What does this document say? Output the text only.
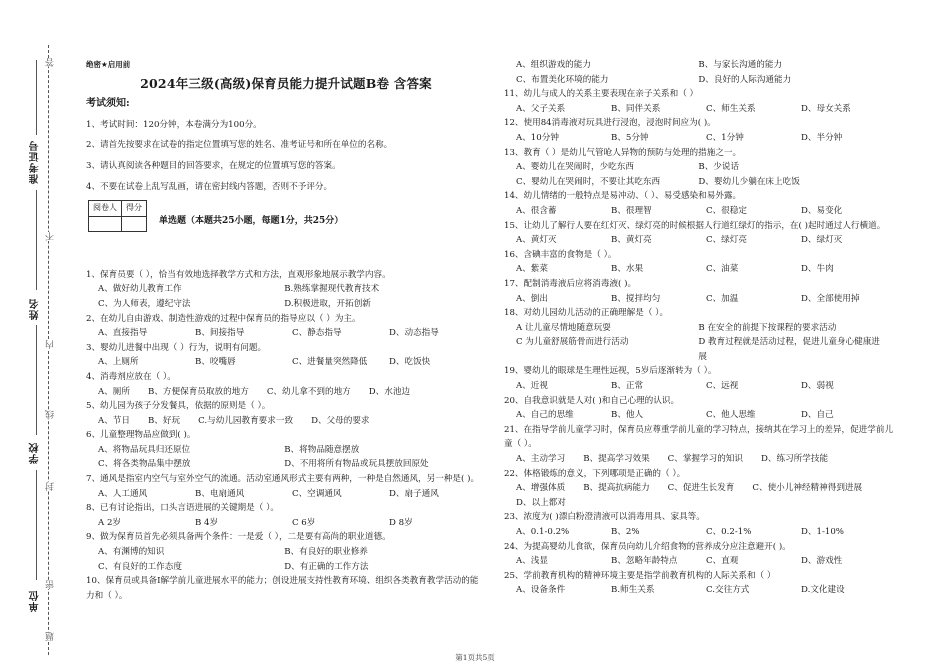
准考证号
姓名
学校
单位
答
不
内
线
封
密
题
绝密★启用前
2024年三级(高级)保育员能力提升试题B卷 含答案
考试须知:
1、考试时间：120分钟，本卷满分为100分。
2、请首先按要求在试卷的指定位置填写您的姓名、准考证号和所在单位的名称。
3、请认真阅读各种题目的回答要求，在规定的位置填写您的答案。
4、不要在试卷上乱写乱画，请在密封线内答题，否则不予评分。
阅卷人	得分

单选题（本题共25小题，每题1分，共25分）
1、保育员要（ ），恰当有效地选择教学方式和方法，直观形象地展示教学内容。
A、做好幼儿教育工作	B.熟练掌握现代教育技术
C、为人师表，遵纪守法	D.积极进取，开拓创新
2、在幼儿自由游戏、制造性游戏的过程中保育员的指导应以（ ）为主。
A、直接指导	B、间接指导	C、静态指导	D、动态指导
3、婴幼儿进餐中出现（ ）行为，说明有问题。
A、上厕所	B、咬嘴唇	C、进餐量突然降低	D、吃饭快
4、消毒剂应放在（ ）。
A、厕所 B、方便保育员取放的地方 C、幼儿拿不到的地方 D、水池边
5、幼儿园为孩子分发餐具，依据的原则是（ ）。
A、节日 B、好玩 C.与幼儿园教育要求一致 D、父母的要求
6、儿童整理物品应做到( )。
A、将物品玩具归还原位	B、将物品随意摆放
C、将各类物品集中摆放	D、不用将所有物品或玩具摆放回原处
7、通风是指室内空气与室外空气的流通。活动室通风形式主要有两种，一种是自然通风，另一种是( )。
A、人工通风	B、电扇通风	C、空调通风	D、扇子通风
8、已有讨论指出，口头言语进展的关键期是（ ）。
A 2岁	B 4岁	C 6岁	D 8岁
9、做为保育员首先必须具备两个条件：一是爱（ ），二是要有高尚的职业道德。
A、有渊博的知识	B、有良好的职业修养
C、有良好的工作态度	D、有正确的工作方法
10、保育员或具备I解学前儿童进展水平的能力；创设进展支持性教育环境、组织各类教育教学活动的能力和（ ）。
A、组织游戏的能力	B、与家长沟通的能力
C、布置美化环境的能力	D、良好的人际沟通能力
11、幼儿与成人的关系主要表现在亲子关系和（ ）
A、父子关系	B、同伴关系	C、师生关系	D、母女关系
12、使用84消毒液对玩具进行浸泡，浸泡时间应为( )。
A、10分钟	B、5分钟	C、1分钟	D、半分钟
13、教育（ ）是幼儿气管呛人异物的预防与处理的措施之一。
A、婴幼儿在哭闹时，少吃东西	B、少说话
C、婴幼儿在哭闹时，不要让其吃东西	D、婴幼儿少躺在床上吃饭
14、幼儿情绪的一般特点是易冲动、（ ）、易受感染和易外露。
A、很含蓄	B、很理智	C、很稳定	D、易变化
15、让幼儿了解行人要在红灯灭、绿灯亮的时候根据人行道红绿灯的指示，在( )起时通过人行横道。
A、黄灯灭	B、黄灯亮	C、绿灯亮	D、绿灯灭
16、含碘丰富的食物是（ ）。
A、紫菜	B、水果	C、油菜	D、牛肉
17、配制消毒液后应将消毒液( )。
A、倒出	B、搅拌均匀	C、加温	D、全部使用掉
18、对幼儿园幼儿活动的正确理解是（ ）。
A 让儿童尽情地随意玩耍	B 在安全的前提下按课程的要求活动
C 为儿童舒展筋骨而进行活动	D 教育过程就是活动过程，促进儿童身心健康进展
19、婴幼儿的眼球是生理性远视，5岁后逐渐转为（ ）。
A、近视	B、正常	C、远视	D、弱视
20、自我意识就是人对( )和自己心理的认识。
A、自己的思维	B、他人	C、他人思维	D、自己
21、在指导学前儿童学习时，保育员应尊重学前儿童的学习特点，接纳其在学习上的差异，促进学前儿童（ ）。
A、主动学习 B、提高学习效果 C、掌握学习的知识 D、练习所学技能
22、体格锻炼的意义，下列哪项是正确的（ ）。
A、增强体质 B、提高抗病能力 C、促进生长发育 C、使小儿神经精神得到进展
D、以上都对
23、浓度为( )漂白粉澄清液可以消毒用具、家具等。
A、0.1-0.2%	B、2%	C、0.2-1%	D、1-10%
24、为提高婴幼儿食欲，保育员向幼儿介绍食物的营养成分应注意避开( )。
A、浅显	B、忽略年龄特点	C、直观	D、游戏性
25、学前教育机构的精神环境主要是指学前教育机构的人际关系和（ ）
A、设备条件	B.师生关系	C.交往方式	D.文化建设
第1页共5页
